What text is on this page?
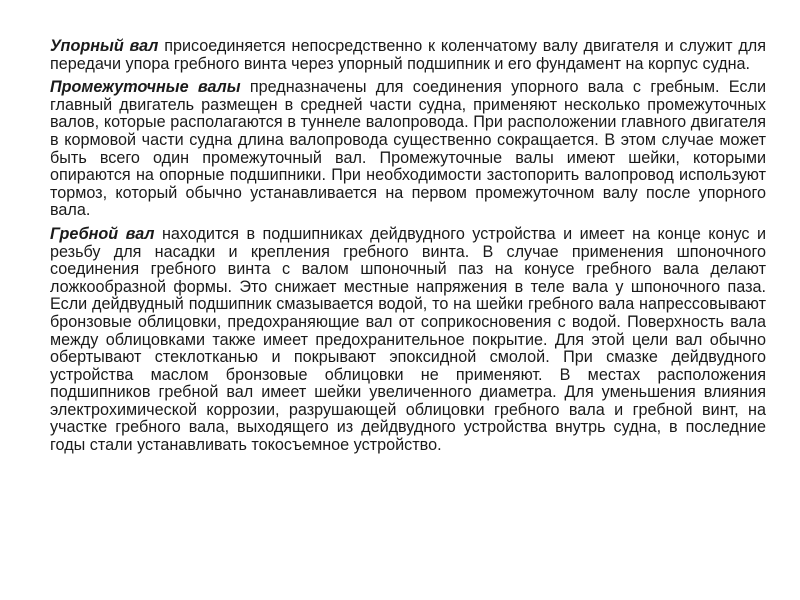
Упорный вал присоединяется непосредственно к коленчатому валу двигателя и служит для передачи упора гребного винта через упорный подшипник и его фундамент на корпус судна.

Промежуточные валы предназначены для соединения упорного вала с гребным. Если главный двигатель размещен в средней части судна, применяют несколько промежуточных валов, которые располагаются в туннеле валопровода. При расположении главного двигателя в кормовой части судна длина валопровода существенно сокращается. В этом случае может быть всего один промежуточный вал. Промежуточные валы имеют шейки, которыми опираются на опорные подшипники. При необходимости застопорить валопровод используют тормоз, который обычно устанавливается на первом промежуточном валу после упорного вала.

Гребной вал находится в подшипниках дейдвудного устройства и имеет на конце конус и резьбу для насадки и крепления гребного винта. В случае применения шпоночного соединения гребного винта с валом шпоночный паз на конусе гребного вала делают ложкообразной формы. Это снижает местные напряжения в теле вала у шпоночного паза. Если дейдвудный подшипник смазывается водой, то на шейки гребного вала напрессовывают бронзовые облицовки, предохраняющие вал от соприкосновения с водой. Поверхность вала между облицовками также имеет предохранительное покрытие. Для этой цели вал обычно обертывают стеклотканью и покрывают эпоксидной смолой. При смазке дейдвудного устройства маслом бронзовые облицовки не применяют. В местах расположения подшипников гребной вал имеет шейки увеличенного диаметра. Для уменьшения влияния электрохимической коррозии, разрушающей облицовки гребного вала и гребной винт, на участке гребного вала, выходящего из дейдвудного устройства внутрь судна, в последние годы стали устанавливать токосъемное устройство.
